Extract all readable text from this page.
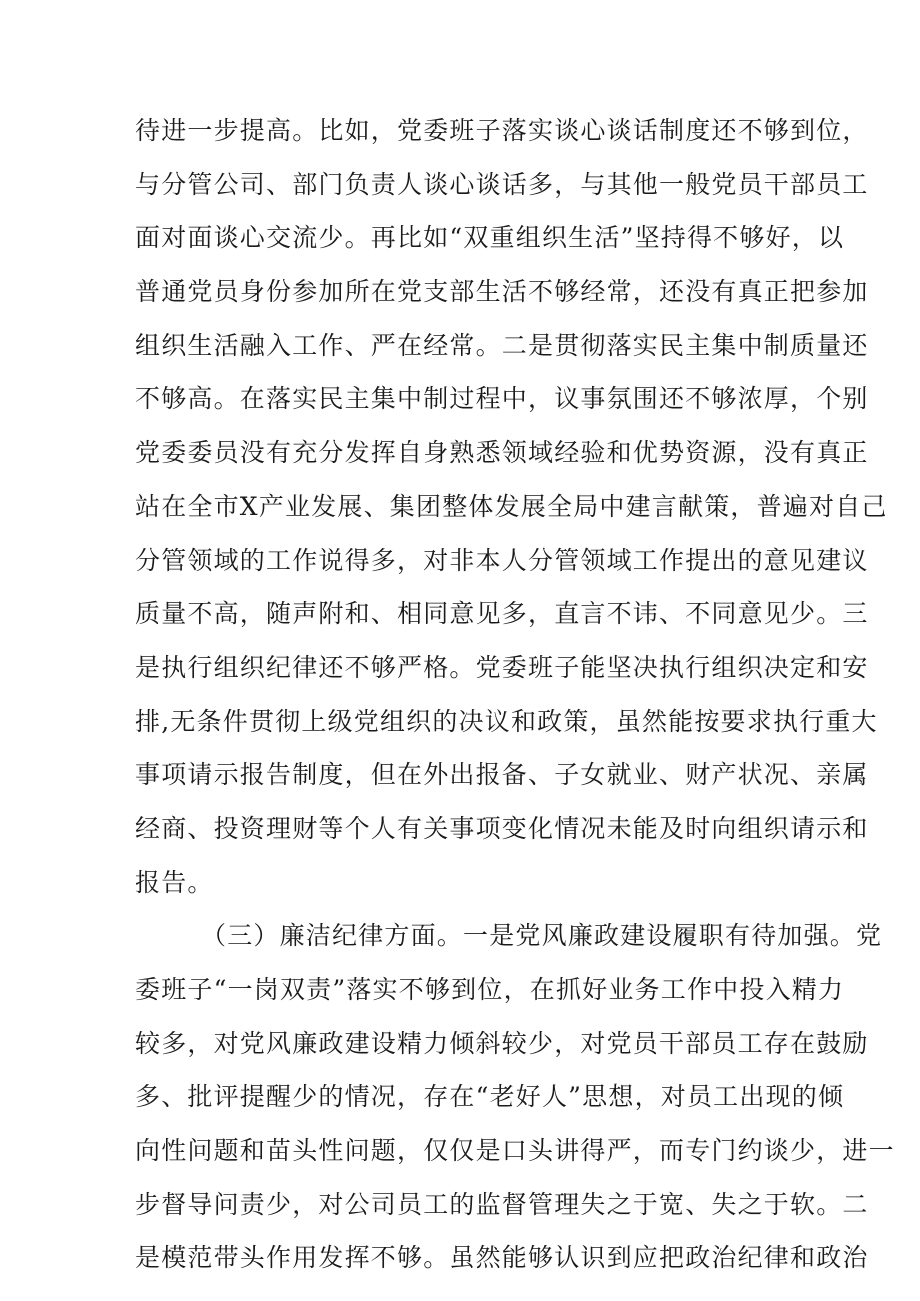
待进一步提高。比如，党委班子落实谈心谈话制度还不够到位，
与分管公司、部门负责人谈心谈话多，与其他一般党员干部员工
面对面谈心交流少。再比如“双重组织生活”坚持得不够好，以
普通党员身份参加所在党支部生活不够经常，还没有真正把参加
组织生活融入工作、严在经常。二是贯彻落实民主集中制质量还
不够高。在落实民主集中制过程中，议事氛围还不够浓厚，个别
党委委员没有充分发挥自身熟悉领域经验和优势资源，没有真正
站在全市X产业发展、集团整体发展全局中建言献策，普遍对自己
分管领域的工作说得多，对非本人分管领域工作提出的意见建议
质量不高，随声附和、相同意见多，直言不讳、不同意见少。三
是执行组织纪律还不够严格。党委班子能坚决执行组织决定和安
排,无条件贯彻上级党组织的决议和政策，虽然能按要求执行重大
事项请示报告制度，但在外出报备、子女就业、财产状况、亲属
经商、投资理财等个人有关事项变化情况未能及时向组织请示和
报告。
（三）廉洁纪律方面。一是党风廉政建设履职有待加强。党
委班子“一岗双责”落实不够到位，在抓好业务工作中投入精力
较多，对党风廉政建设精力倾斜较少，对党员干部员工存在鼓励
多、批评提醒少的情况，存在“老好人”思想，对员工出现的倾
向性问题和苗头性问题，仅仅是口头讲得严，而专门约谈少，进一
步督导问责少，对公司员工的监督管理失之于宽、失之于软。二
是模范带头作用发挥不够。虽然能够认识到应把政治纪律和政治
